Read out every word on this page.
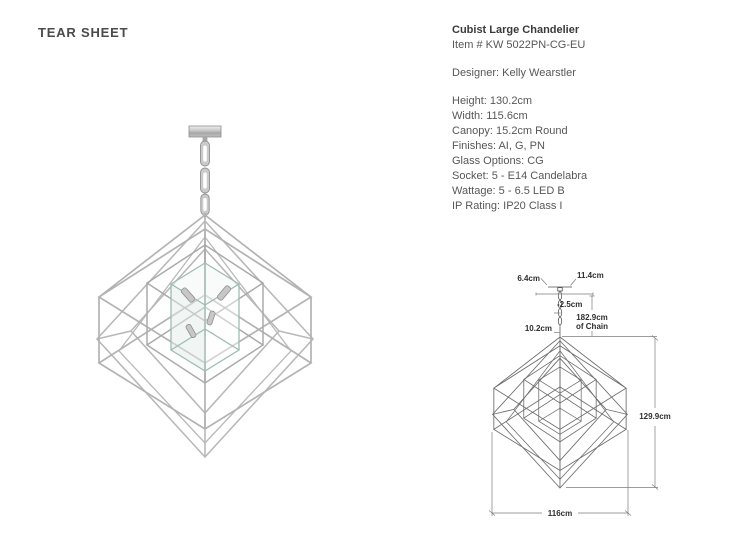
TEAR SHEET	Cubist Large Chandelier
Item # KW 5022PN-CG-EU
Designer: Kelly Wearstler
Height: 130.2cm
Width: 115.6cm
Canopy: 15.2cm Round
Finishes: AI, G, PN
Glass Options: CG
Socket: 5 - E14 Candelabra
Wattage: 5 - 6.5 LED B
IP Rating: IP20 Class I
6.4cm	11.4cm
-2.5cm
10.2cm
182.9cm
of Chain
129.9cm
116cm
